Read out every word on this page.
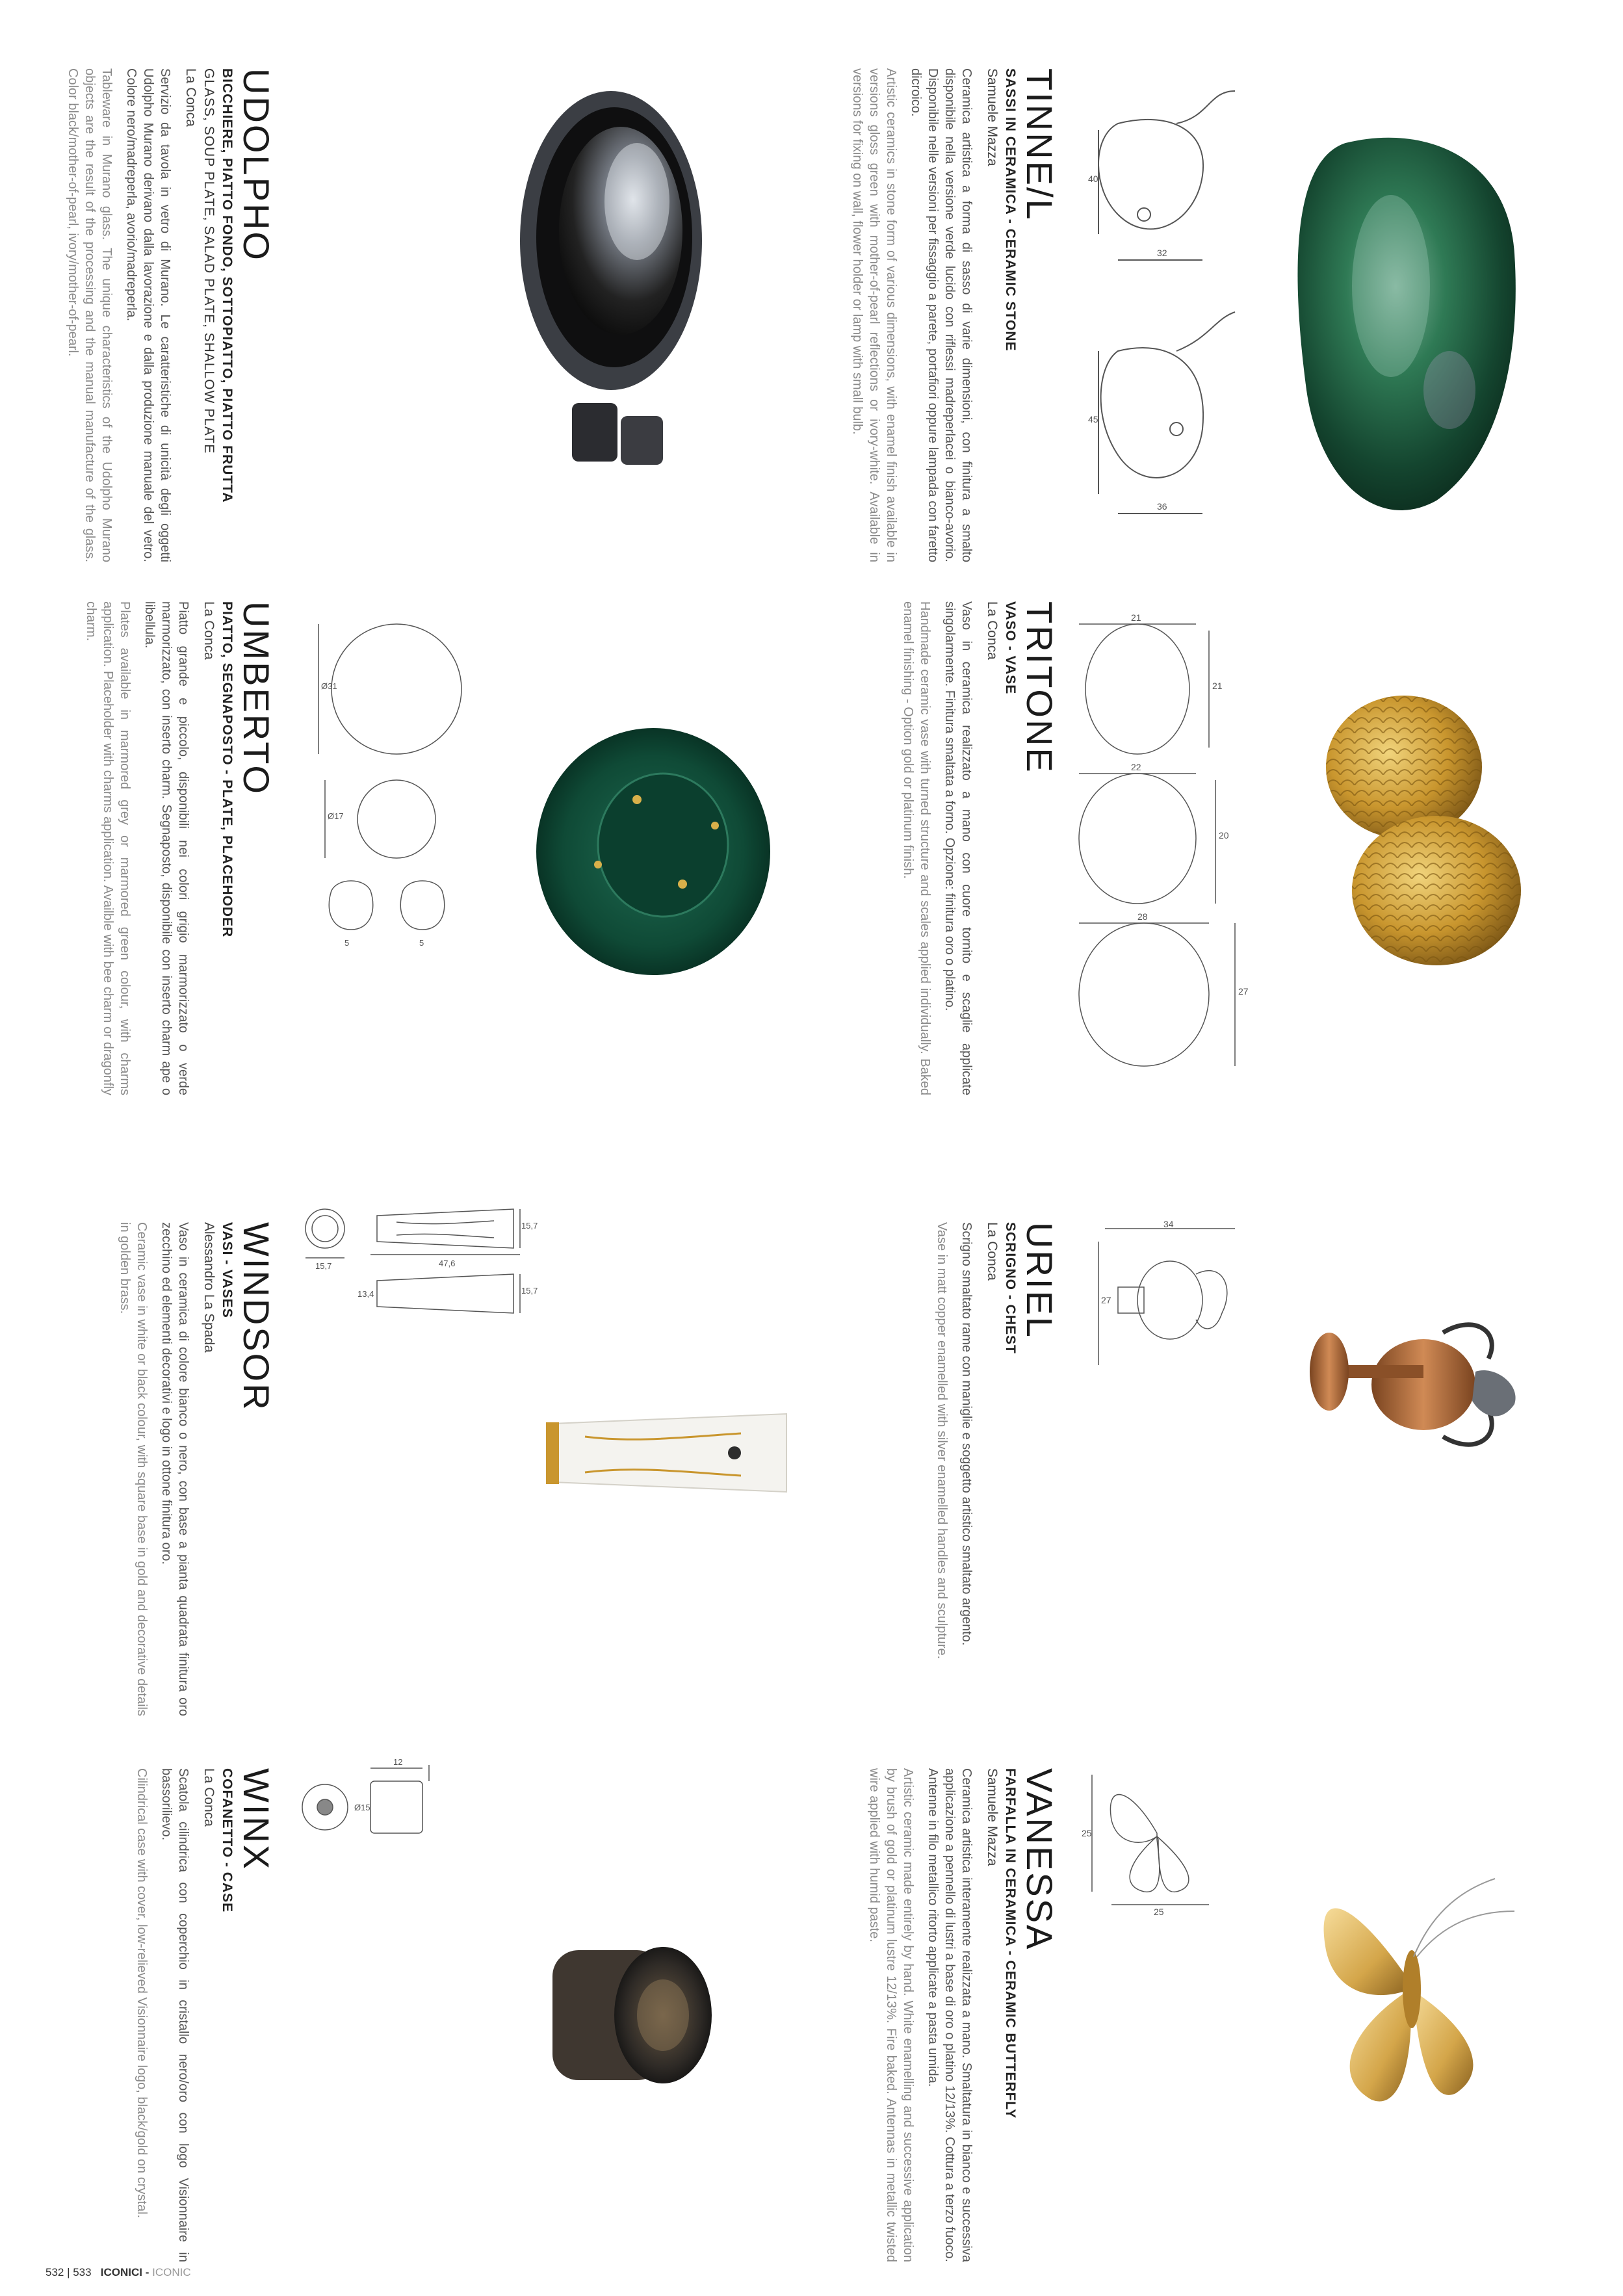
TINNE/L

SASSI IN CERAMICA - CERAMIC STONE

Samuele Mazza

Ceramica artistica a forma di sasso di varie dimensioni, con finitura a smalto disponibile nella versione verde lucido con riflessi madreperlacei o bianco-avorio. Disponibile nelle versioni per fissaggio a parete, portafiori oppure lampada con faretto dicroico.

Artistic ceramics in stone form of various dimensions, with enamel finish available in versions gloss green with mother-of-pearl reflections or ivory-white. Available in versions for fixing on wall, flower holder or lamp with small bulb.

TRITONE

VASO - VASE

La Conca

Vaso in ceramica realizzato a mano con cuore tornito e scaglie applicate singolarmente. Finitura smaltata a forno. Opzione: finitura oro o platino.

Handmade ceramic vase with turned structure and scales applied individually. Baked enamel finishing - Option gold or platinum finish.

URIEL

SCRIGNO - CHEST

La Conca

Scrigno smaltato rame con maniglie e soggetto artistico smaltato argento.

Vase in matt copper enamelled with silver enamelled handles and sculpture.

VANESSA

FARFALLA IN CERAMICA - CERAMIC BUTTERFLY

Samuele Mazza

Ceramica artistica interamente realizzata a mano. Smaltatura in bianco e successiva applicazione a pennello di lustri a base di oro o platino 12/13%. Cottura a terzo fuoco. Antenne in filo metallico ritorto applicate a pasta umida.

Artistic ceramic made entirely by hand. White enamelling and successive application by brush of gold or platinum lustre 12/13%. Fire baked. Antennas in metallic twisted wire applied with humid paste.

UDOLPHO

BICCHIERE, PIATTO FONDO, SOTTOPIATTO, PIATTO FRUTTA

GLASS, SOUP PLATE, SALAD PLATE, SHALLOW PLATE

La Conca

Servizio da tavola in vetro di Murano. Le caratteristiche di unicità degli oggetti Udolpho Murano derivano dalla lavorazione e dalla produzione manuale del vetro. Colore nero/madreperla, avorio/madreperla.

Tableware in Murano glass. The unique characteristics of the Udolpho Murano objects are the result of the processing and the manual manufacture of the glass. Color black/mother-of-pearl, ivory/mother-of-pearl.

UMBERTO

PIATTO, SEGNAPOSTO - PLATE, PLACEHODER

La Conca

Piatto grande e piccolo, disponibili nei colori grigio marmorizzato o verde marmorizzato, con inserto charm. Segnaposto, disponibile con inserto charm ape o libellula.

Plates available in marmored grey or marmored green colour, with charms application. Placeholder with charms application. Availble with bee charm or dragonfly charm.

WINDSOR

VASI - VASES

Alessandro La Spada

Vaso in ceramica di colore bianco o nero, con base a pianta quadrata finitura oro zecchino ed elementi decorativi e logo in ottone finitura oro.

Ceramic vase in white or black colour, with square base in gold and decorative details in golden brass.

WINX

COFANETTO - CASE

La Conca

Scatola cilindrica con coperchio in cristallo nero/oro con logo Visionnaire in bassorilievo.

Cilindrical case with cover, low-relieved Visionnaire logo, black/gold on crystal.

40
32
45
36
21
21
22
20
28
27
34
27
25
25
Ø31
Ø17
5	5
15,7	47,6
15,7
13,4	15,7
12
Ø15
532 | 533 ICONICI - ICONIC
